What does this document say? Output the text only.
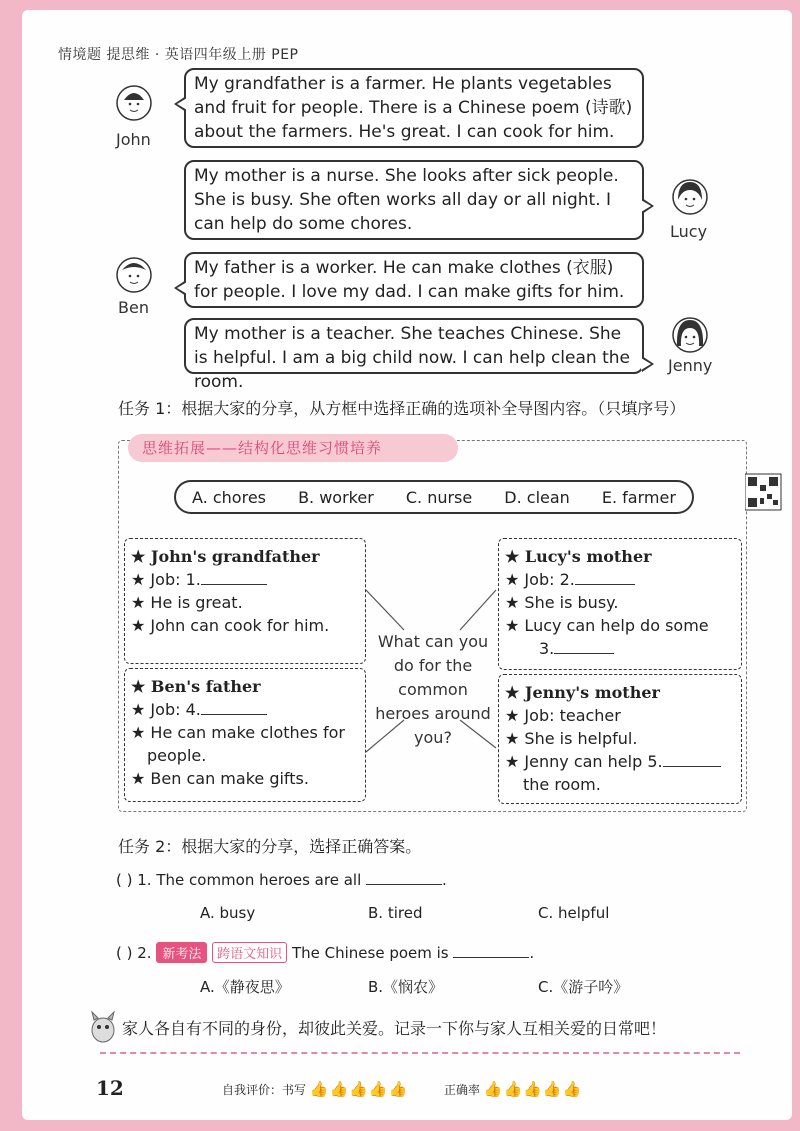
情境题 提思维 · 英语四年级上册 PEP
John
My grandfather is a farmer. He plants vegetables and fruit for people. There is a Chinese poem (诗歌) about the farmers. He's great. I can cook for him.
My mother is a nurse. She looks after sick people. She is busy. She often works all day or all night. I can help do some chores.	Lucy
Ben
My father is a worker. He can make clothes (衣服) for people. I love my dad. I can make gifts for him.
My mother is a teacher. She teaches Chinese. She is helpful. I am a big child now. I can help clean the room.
Jenny
任务 1：根据大家的分享，从方框中选择正确的选项补全导图内容。（只填序号）
思维拓展——结构化思维习惯培养
A. chores B. worker C. nurse D. clean E. farmer
★ John's grandfather
★ Job: 1.
★ He is great.
★ John can cook for him.
★ Lucy's mother
★ Job: 2.
★ She is busy.
★ Lucy can help do some
3.
What can you do for the common heroes around you?
★ Ben's father
★ Job: 4.
★ He can make clothes for
people.
★ Ben can make gifts.
★ Jenny's mother
★ Job: teacher
★ She is helpful.
★ Jenny can help 5.
the room.
任务 2：根据大家的分享，选择正确答案。
( ) 1. The common heroes are all	.
A. busy	B. tired	C. helpful
( ) 2. 新考法 跨语文知识 The Chinese poem is	.
A.《静夜思》	B.《悯农》	C.《游子吟》
家人各自有不同的身份，却彼此关爱。记录一下你与家人互相关爱的日常吧！
12	自我评价：书写 👍👍👍👍👍	正确率 👍👍👍👍👍
